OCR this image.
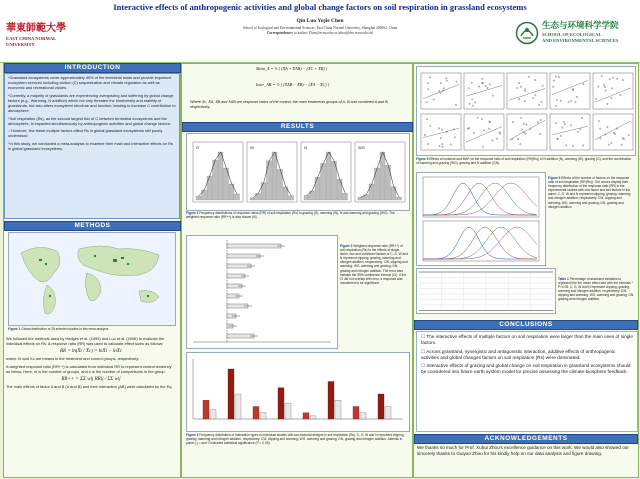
Interactive effects of anthropogenic activities and global change factors on soil respiration in grassland ecosystems
Qin Luo Yujie Chen
School of Ecological and Environmental Sciences, East China Normal University, Shanghai 200062, China
Correspondence: to author: Zhou@ecnu.edu.cn (zhou@des.ecnu.edu.cn)
華東師範大學
EAST CHINA NORMAL
UNIVERSITY
生态与环境科学学院
SCHOOL OF ECOLOGICAL
AND ENVIRONMENTAL SCIENCES
INTRODUCTION

*Grassland ecosystems cover approximately 40% of the terrestrial lands and provide important ecosystem services including carbon (C) sequestration and climate regulation as well as economic and recreational values.

*Currently, a majority of grasslands are experiencing overgrazing and suffering by global change factors (e.g., Warming, N addition) which not only threaten the biodiversity and stability of grasslands, but also alters ecosystem structure and function, leading to increase C contribution to atmosphere.

*Soil respiration (Rs), as the second largest flux of C between terrestrial ecosystems and the atmosphere, is impacted simultaneously by anthropogenic activities and global change factors.

✓However, few these multiple factors affect Rs in global grassland ecosystems still poorly understood.

*In this study, we conducted a meta-analysis to examine their main and interactive effects on Rs in global grassland ecosystems.

METHODS
Figure 1 Global distribution of 28 selected studies in this meta-analysis

We followed the methods used by Hedges et al. (1999) and Luo et al. (2006) to evaluate the individual effects on Rs. A response ratio (RR) was used to calculate effect sizes as follows:

RR = ln(X̄t / X̄c) = lnX̄t − lnX̄c

where Xt and Xc are means in the treatment and control groups, respectively.

A weighted response ratio (RR++) is calculated from individual RR to represent central tendency as below. Here, m is the number of groups, and k is the number of comparisons in the group.

RR++ = ΣΣ wij RRij / ΣΣ wij

The main effects of factor A and B (A and B) and their interaction (AB) were calculated by the Eq.

Main_A = ½ [ (X̄A + X̄AB) − (X̄C + X̄B) ]
Inter_AB = ½ [ (X̄AB − X̄B) − (X̄A − X̄C) ]
Where X̄c, X̄A, X̄B and X̄AB are response ratios of the control, the main treatments groups of A, B and combined A and B, respectively.
RESULTS
G	W	N	WG
Figure 2 Frequency distributions of response ratios (RR) of soil respiration (Rs) to grazing (G), warming (W), N and warming and grazing (WG). The weighted response ratio (RR++) is also shown (N).
Figure 3 Weighted response ratio (RR++) of soil respiration (Rs) to the effects of single factor, two and combined factors of C, G, W and N represent clipping, grazing, warming and nitrogen addition, respectively. CW, clipping and warming; WG, warming and grazing; GN, grazing and nitrogen addition. The error bars indicate the 95% confidence interval (CI). If the CI did not overlap with zero, a response was considered to be significant.
Figure 4 Frequency distribution of interaction types in individual studies with two-factorial designs in soil respiration (Rs). C, G, W and N represent clipping, grazing, warming and nitrogen addition, respectively. CW, clipping and warming; WG, warming and grazing; GN, grazing and nitrogen addition. Asterisk in panel (-) = and 0 indicated statistical significance (P < 0.05).
Figure 5 Effects of moisture and MAP on the response ratio of soil respiration (RR(Rs)) of N addition (N), warming (W), grazing (G), and the combination of warming and grazing (WG), grazing and N addition (GN).
Figure 6 Effects of the number of factors on the response ratio of soil respiration (RR(Rs)). The curves display their frequency distribution of the response ratio (RR) in the experimental studies with one factor and two factors in the panel. C, G, W and N represent clipping, grazing, warming and nitrogen addition, respectively. CW, clipping and warming; WG, warming and grazing; GN, grazing and nitrogen addition.
Table 1 Percentage of assessed variables to represent the the mean effect size with the intervals * P<0.05. C, G, W and N represent clipping, grazing, warming and nitrogen addition, respectively. CW, clipping and warming; WG, warming and grazing; GN, grazing and nitrogen addition.
CONCLUSIONS

☐ The interactive effects of multiple factors on soil respiration were larger than the main ones of single factors.

☐ Across grassland, synergistic and antagonistic interaction, additive effects of anthropogenic activities and global changes factors on soil respiration (Rs) were dominated.

☐ Interactive effects of grazing and global change on soil respiration in grassland ecosystems should be considered into future earth system model for precise assessing the climate-biosphere feedback.

ACKNOWLEDGEMENTS
We thanks so much for Prof. Xuhui Zhou's excellence guidance on this work. We would also showed our sincerely thanks to Guiyao Zhou for his kindly help on our data analysis and figure drawing.
